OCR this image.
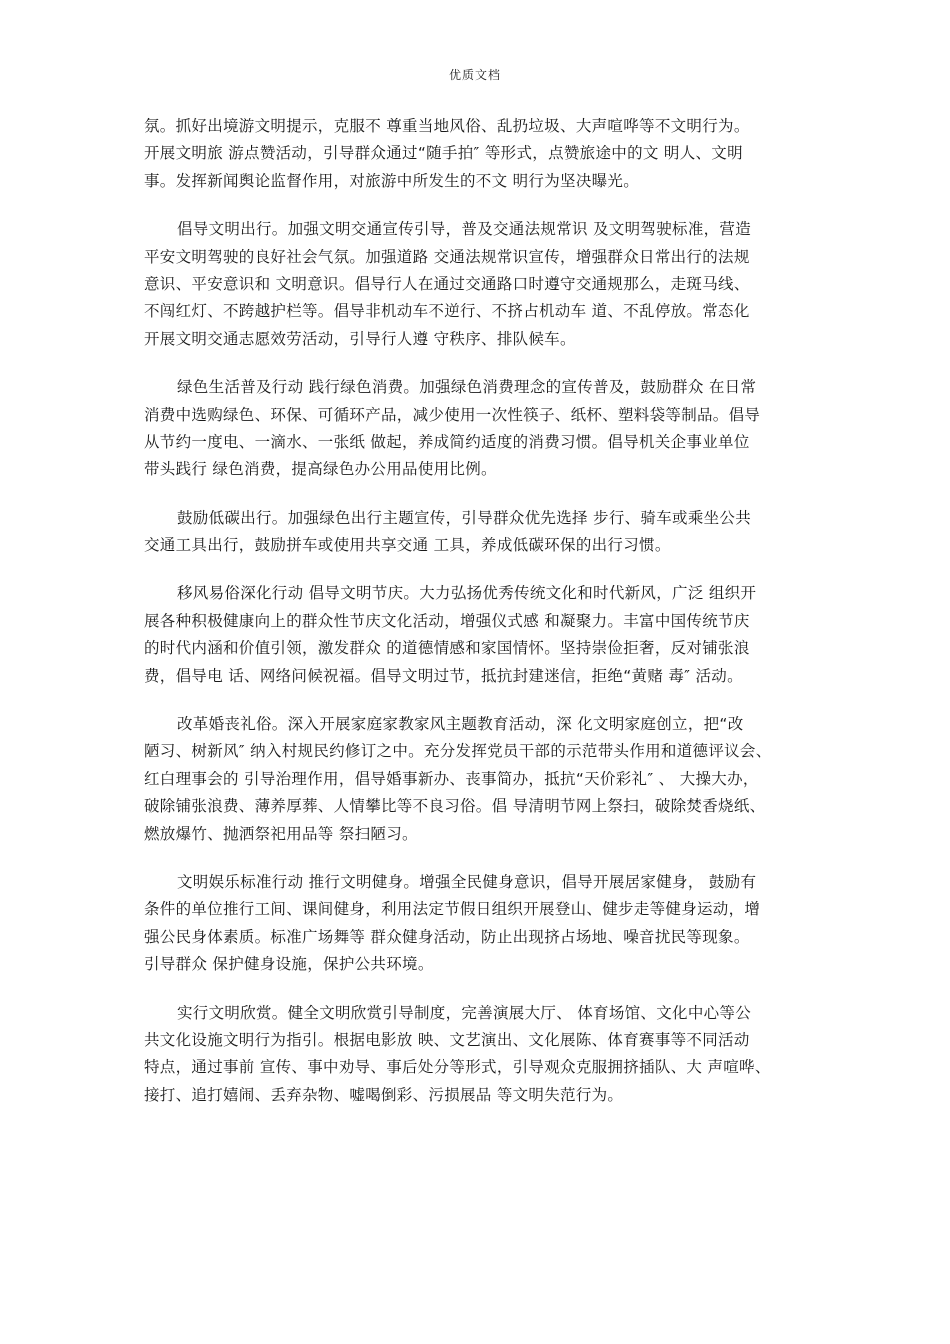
优质文档
氛。抓好出境游文明提示，克服不 尊重当地风俗、乱扔垃圾、大声喧哗等不文明行为。
开展文明旅 游点赞活动，引导群众通过“随手拍″ 等形式，点赞旅途中的文 明人、文明
事。发挥新闻舆论监督作用，对旅游中所发生的不文 明行为坚决曝光。
倡导文明出行。加强文明交通宣传引导，普及交通法规常识 及文明驾驶标准，营造
平安文明驾驶的良好社会气氛。加强道路 交通法规常识宣传，增强群众日常出行的法规
意识、平安意识和 文明意识。倡导行人在通过交通路口时遵守交通规那么，走斑马线、
不闯红灯、不跨越护栏等。倡导非机动车不逆行、不挤占机动车 道、不乱停放。常态化
开展文明交通志愿效劳活动，引导行人遵 守秩序、排队候车。
绿色生活普及行动 践行绿色消费。加强绿色消费理念的宣传普及，鼓励群众 在日常
消费中选购绿色、环保、可循环产品，减少使用一次性筷子、纸杯、塑料袋等制品。倡导
从节约一度电、一滴水、一张纸 做起，养成简约适度的消费习惯。倡导机关企事业单位
带头践行 绿色消费，提高绿色办公用品使用比例。
鼓励低碳出行。加强绿色出行主题宣传，引导群众优先选择 步行、骑车或乘坐公共
交通工具出行，鼓励拼车或使用共享交通 工具，养成低碳环保的出行习惯。
移风易俗深化行动 倡导文明节庆。大力弘扬优秀传统文化和时代新风，广泛 组织开
展各种积极健康向上的群众性节庆文化活动，增强仪式感 和凝聚力。丰富中国传统节庆
的时代内涵和价值引领，激发群众 的道德情感和家国情怀。坚持崇俭拒奢，反对铺张浪
费，倡导电 话、网络问候祝福。倡导文明过节，抵抗封建迷信，拒绝“黄赌 毒″ 活动。
改革婚丧礼俗。深入开展家庭家教家风主题教育活动，深 化文明家庭创立，把“改
陋习、树新风″ 纳入村规民约修订之中。充分发挥党员干部的示范带头作用和道德评议会、
红白理事会的 引导治理作用，倡导婚事新办、丧事简办，抵抗“天价彩礼″ 、 大操大办，
破除铺张浪费、薄养厚葬、人情攀比等不良习俗。倡 导清明节网上祭扫，破除焚香烧纸、
燃放爆竹、抛洒祭祀用品等 祭扫陋习。
文明娱乐标准行动 推行文明健身。增强全民健身意识，倡导开展居家健身， 鼓励有
条件的单位推行工间、课间健身，利用法定节假日组织开展登山、健步走等健身运动，增
强公民身体素质。标准广场舞等 群众健身活动，防止出现挤占场地、噪音扰民等现象。
引导群众 保护健身设施，保护公共环境。
实行文明欣赏。健全文明欣赏引导制度，完善演展大厅、 体育场馆、文化中心等公
共文化设施文明行为指引。根据电影放 映、文艺演出、文化展陈、体育赛事等不同活动
特点，通过事前 宣传、事中劝导、事后处分等形式，引导观众克服拥挤插队、大 声喧哗、
接打、追打嬉闹、丢弃杂物、嘘喝倒彩、污损展品 等文明失范行为。
